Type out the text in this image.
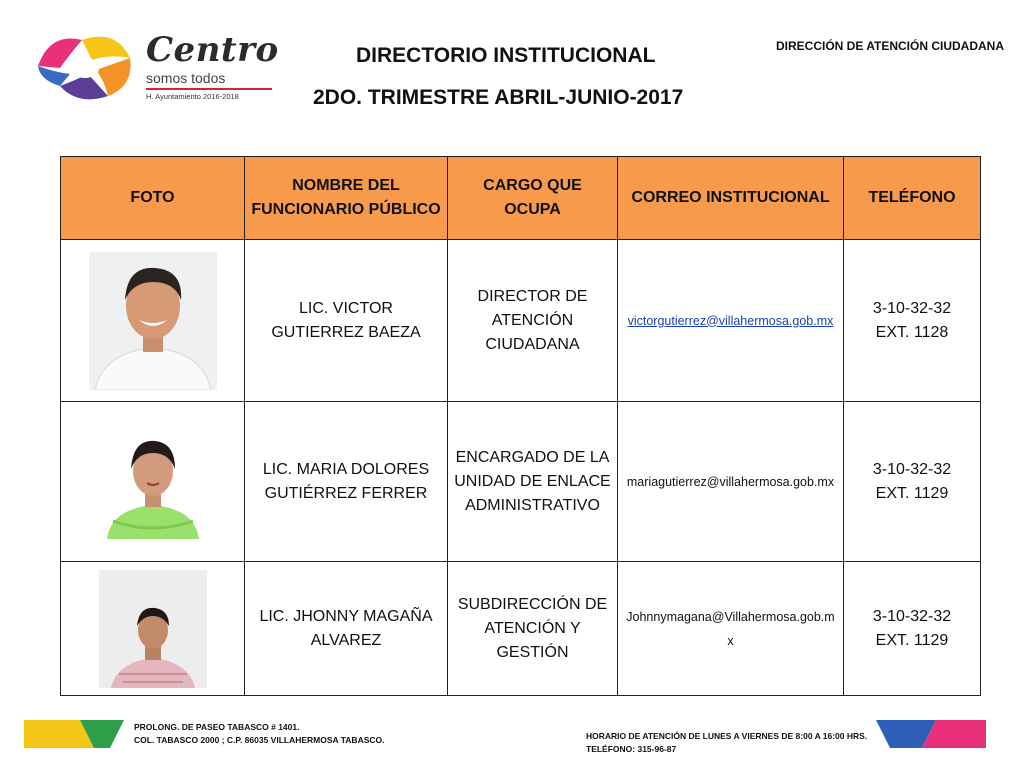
Centro
somos todos
H. Ayuntamiento 2016-2018
DIRECTORIO INSTITUCIONAL
2DO. TRIMESTRE ABRIL-JUNIO-2017
DIRECCIÓN DE ATENCIÓN CIUDADANA
FOTO	NOMBRE DEL FUNCIONARIO PÚBLICO	CARGO QUE OCUPA	CORREO INSTITUCIONAL	TELÉFONO

	LIC. VICTOR GUTIERREZ BAEZA	DIRECTOR DE ATENCIÓN CIUDADANA	victorgutierrez@villahermosa.gob.mx	3-10-32-32
EXT. 1128

	LIC. MARIA DOLORES GUTIÉRREZ FERRER	ENCARGADO DE LA UNIDAD DE ENLACE ADMINISTRATIVO	mariagutierrez@villahermosa.gob.mx	3-10-32-32
EXT. 1129

	LIC. JHONNY MAGAÑA ALVAREZ	SUBDIRECCIÓN DE ATENCIÓN Y GESTIÓN	Johnnymagana@Villahermosa.gob.mx	3-10-32-32
EXT. 1129
PROLONG. DE PASEO TABASCO # 1401.
COL. TABASCO 2000 ; C.P. 86035 VILLAHERMOSA TABASCO.	HORARIO DE ATENCIÓN DE LUNES A VIERNES DE 8:00 A 16:00 HRS.
TELÉFONO: 315-96-87
